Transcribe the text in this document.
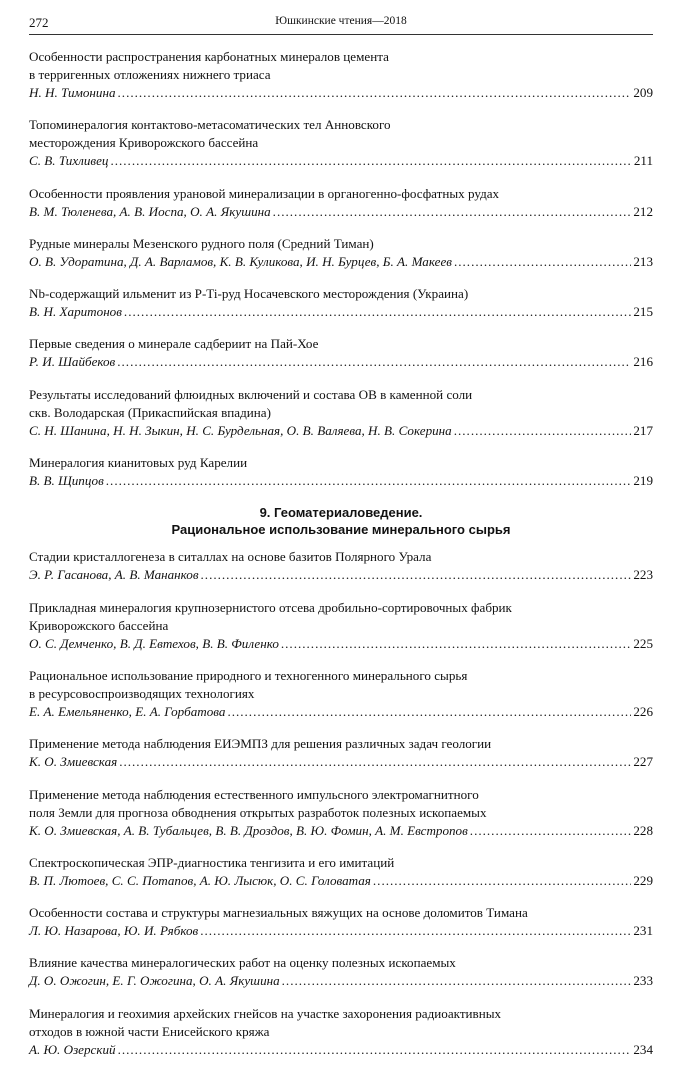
272	Юшкинские чтения—2018
Особенности распространения карбонатных минералов цемента
в терригенных отложениях нижнего триаса
Н. Н. Тимонина .....	209
Топоминералогия контактово-метасоматических тел Анновского
месторождения Криворожского бассейна
С. В. Тихливец .....	211
Особенности проявления урановой минерализации в органогенно-фосфатных рудах
В. М. Тюленева, А. В. Иоспа, О. А. Якушина .....	212
Рудные минералы Мезенского рудного поля (Средний Тиман)
О. В. Удоратина, Д. А. Варламов, К. В. Куликова, И. Н. Бурцев, Б. А. Макеев .....	213
Nb-содержащий ильменит из P-Ti-руд Носачевского месторождения (Украина)
В. Н. Харитонов .....	215
Первые сведения о минерале садбериит на Пай-Хое
Р. И. Шайбеков .....	216
Результаты исследований флюидных включений и состава ОВ в каменной соли
скв. Володарская (Прикаспийская впадина)
С. Н. Шанина, Н. Н. Зыкин, Н. С. Бурдельная, О. В. Валяева, Н. В. Сокерина .....	217
Минералогия кианитовых руд Карелии
В. В. Щипцов .....	219
9. Геоматериаловедение.
Рациональное использование минерального сырья
Стадии кристаллогенеза в ситаллах на основе базитов Полярного Урала
Э. Р. Гасанова, А. В. Мананков .....	223
Прикладная минералогия крупнозернистого отсева дробильно-сортировочных фабрик
Криворожского бассейна
О. С. Демченко, В. Д. Евтехов, В. В. Филенко .....	225
Рациональное использование природного и техногенного минерального сырья
в ресурсовоспроизводящих технологиях
Е. А. Емельяненко, Е. А. Горбатова .....	226
Применение метода наблюдения ЕИЭМПЗ для решения различных задач геологии
К. О. Змиевская .....	227
Применение метода наблюдения естественного импульсного электромагнитного
поля Земли для прогноза обводнения открытых разработок полезных ископаемых
К. О. Змиевская, А. В. Тубальцев, В. В. Дроздов, В. Ю. Фомин, А. М. Евстропов .....	228
Спектроскопическая ЭПР-диагностика тенгизита и его имитаций
В. П. Лютоев, С. С. Потапов, А. Ю. Лысюк, О. С. Головатая .....	229
Особенности состава и структуры магнезиальных вяжущих на основе доломитов Тимана
Л. Ю. Назарова, Ю. И. Рябков .....	231
Влияние качества минералогических работ на оценку полезных ископаемых
Д. О. Ожогин, Е. Г. Ожогина, О. А. Якушина .....	233
Минералогия и геохимия архейских гнейсов на участке захоронения радиоактивных
отходов в южной части Енисейского кряжа
А. Ю. Озерский .....	234
